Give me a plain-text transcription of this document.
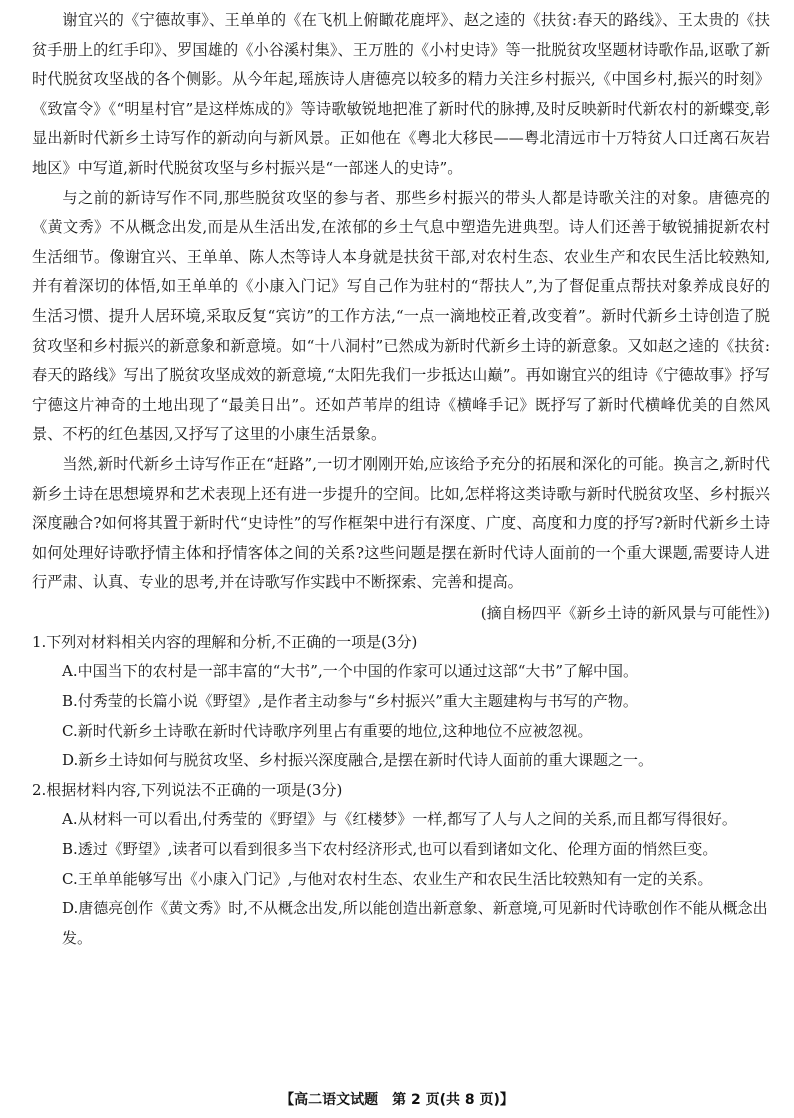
谢宜兴的《宁德故事》、王单单的《在飞机上俯瞰花鹿坪》、赵之逵的《扶贫:春天的路线》、王太贵的《扶贫手册上的红手印》、罗国雄的《小谷溪村集》、王万胜的《小村史诗》等一批脱贫攻坚题材诗歌作品,讴歌了新时代脱贫攻坚战的各个侧影。从今年起,瑶族诗人唐德亮以较多的精力关注乡村振兴,《中国乡村,振兴的时刻》《致富令》《“明星村官”是这样炼成的》等诗歌敏锐地把准了新时代的脉搏,及时反映新时代新农村的新蝶变,彰显出新时代新乡土诗写作的新动向与新风景。正如他在《粤北大移民——粤北清远市十万特贫人口迁离石灰岩地区》中写道,新时代脱贫攻坚与乡村振兴是“一部迷人的史诗”。

与之前的新诗写作不同,那些脱贫攻坚的参与者、那些乡村振兴的带头人都是诗歌关注的对象。唐德亮的《黄文秀》不从概念出发,而是从生活出发,在浓郁的乡土气息中塑造先进典型。诗人们还善于敏锐捕捉新农村生活细节。像谢宜兴、王单单、陈人杰等诗人本身就是扶贫干部,对农村生态、农业生产和农民生活比较熟知,并有着深切的体悟,如王单单的《小康入门记》写自己作为驻村的“帮扶人”,为了督促重点帮扶对象养成良好的生活习惯、提升人居环境,采取反复“宾访”的工作方法,“一点一滴地校正着,改变着”。新时代新乡土诗创造了脱贫攻坚和乡村振兴的新意象和新意境。如“十八洞村”已然成为新时代新乡土诗的新意象。又如赵之逵的《扶贫:春天的路线》写出了脱贫攻坚成效的新意境,“太阳先我们一步抵达山巅”。再如谢宜兴的组诗《宁德故事》抒写宁德这片神奇的土地出现了“最美日出”。还如芦苇岸的组诗《横峰手记》既抒写了新时代横峰优美的自然风景、不朽的红色基因,又抒写了这里的小康生活景象。

当然,新时代新乡土诗写作正在“赶路”,一切才刚刚开始,应该给予充分的拓展和深化的可能。换言之,新时代新乡土诗在思想境界和艺术表现上还有进一步提升的空间。比如,怎样将这类诗歌与新时代脱贫攻坚、乡村振兴深度融合?如何将其置于新时代“史诗性”的写作框架中进行有深度、广度、高度和力度的抒写?新时代新乡土诗如何处理好诗歌抒情主体和抒情客体之间的关系?这些问题是摆在新时代诗人面前的一个重大课题,需要诗人进行严肃、认真、专业的思考,并在诗歌写作实践中不断探索、完善和提高。

(摘自杨四平《新乡土诗的新风景与可能性》)

1.下列对材料相关内容的理解和分析,不正确的一项是(3分)

A.中国当下的农村是一部丰富的“大书”,一个中国的作家可以通过这部“大书”了解中国。

B.付秀莹的长篇小说《野望》,是作者主动参与“乡村振兴”重大主题建构与书写的产物。

C.新时代新乡土诗歌在新时代诗歌序列里占有重要的地位,这种地位不应被忽视。

D.新乡土诗如何与脱贫攻坚、乡村振兴深度融合,是摆在新时代诗人面前的重大课题之一。

2.根据材料内容,下列说法不正确的一项是(3分)

A.从材料一可以看出,付秀莹的《野望》与《红楼梦》一样,都写了人与人之间的关系,而且都写得很好。

B.透过《野望》,读者可以看到很多当下农村经济形式,也可以看到诸如文化、伦理方面的悄然巨变。

C.王单单能够写出《小康入门记》,与他对农村生态、农业生产和农民生活比较熟知有一定的关系。

D.唐德亮创作《黄文秀》时,不从概念出发,所以能创造出新意象、新意境,可见新时代诗歌创作不能从概念出发。

【高二语文试题　第 2 页(共 8 页)】
